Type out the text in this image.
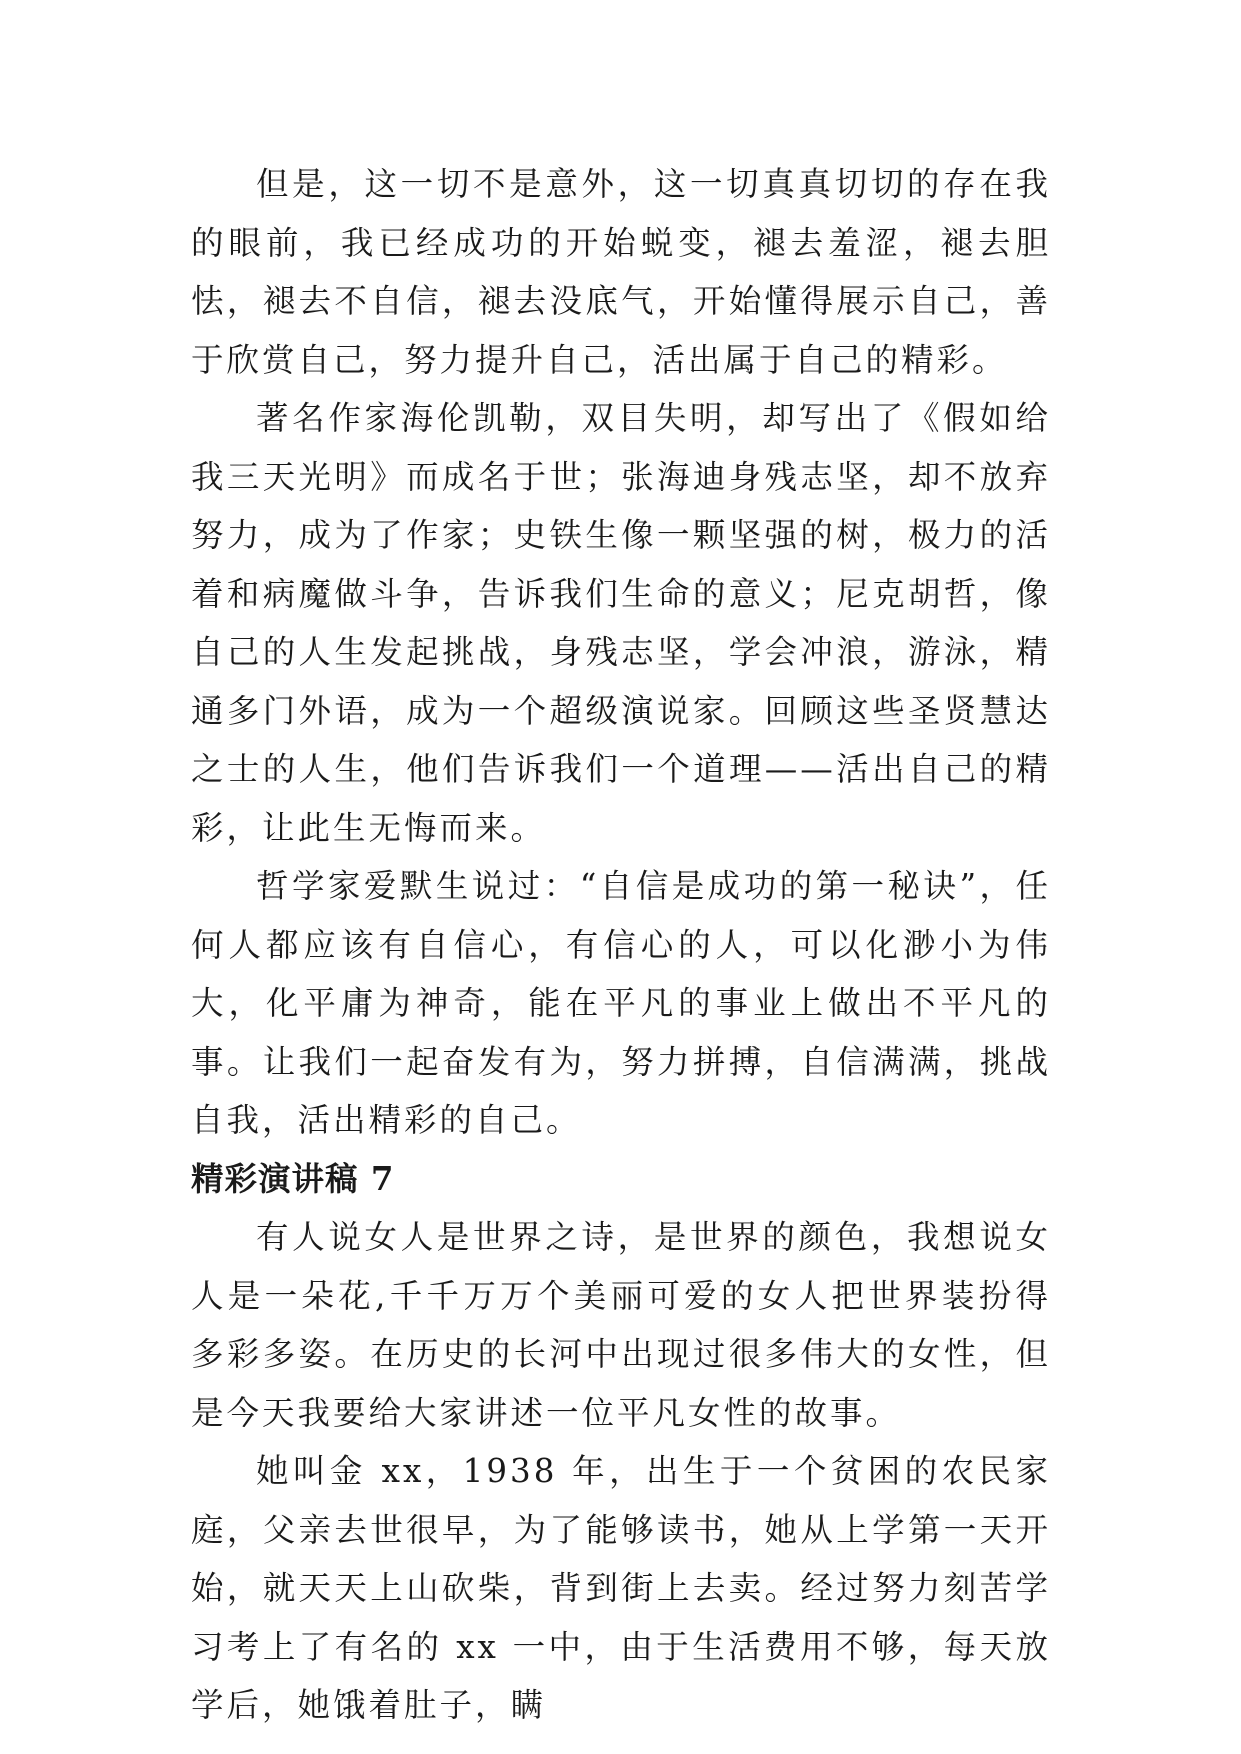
但是，这一切不是意外，这一切真真切切的存在我的眼前，我已经成功的开始蜕变，褪去羞涩，褪去胆怯，褪去不自信，褪去没底气，开始懂得展示自己，善于欣赏自己，努力提升自己，活出属于自己的精彩。

著名作家海伦凯勒，双目失明，却写出了《假如给我三天光明》而成名于世；张海迪身残志坚，却不放弃努力，成为了作家；史铁生像一颗坚强的树，极力的活着和病魔做斗争，告诉我们生命的意义；尼克胡哲，像自己的人生发起挑战，身残志坚，学会冲浪，游泳，精通多门外语，成为一个超级演说家。回顾这些圣贤慧达之士的人生，他们告诉我们一个道理——活出自己的精彩，让此生无悔而来。

哲学家爱默生说过：“自信是成功的第一秘诀”，任何人都应该有自信心，有信心的人，可以化渺小为伟大，化平庸为神奇，能在平凡的事业上做出不平凡的事。让我们一起奋发有为，努力拼搏，自信满满，挑战自我，活出精彩的自己。

精彩演讲稿 7

有人说女人是世界之诗，是世界的颜色，我想说女人是一朵花,千千万万个美丽可爱的女人把世界装扮得多彩多姿。在历史的长河中出现过很多伟大的女性，但是今天我要给大家讲述一位平凡女性的故事。

她叫金 xx，1938 年，出生于一个贫困的农民家庭，父亲去世很早，为了能够读书，她从上学第一天开始，就天天上山砍柴，背到街上去卖。经过努力刻苦学习考上了有名的 xx 一中，由于生活费用不够，每天放学后，她饿着肚子，瞒
